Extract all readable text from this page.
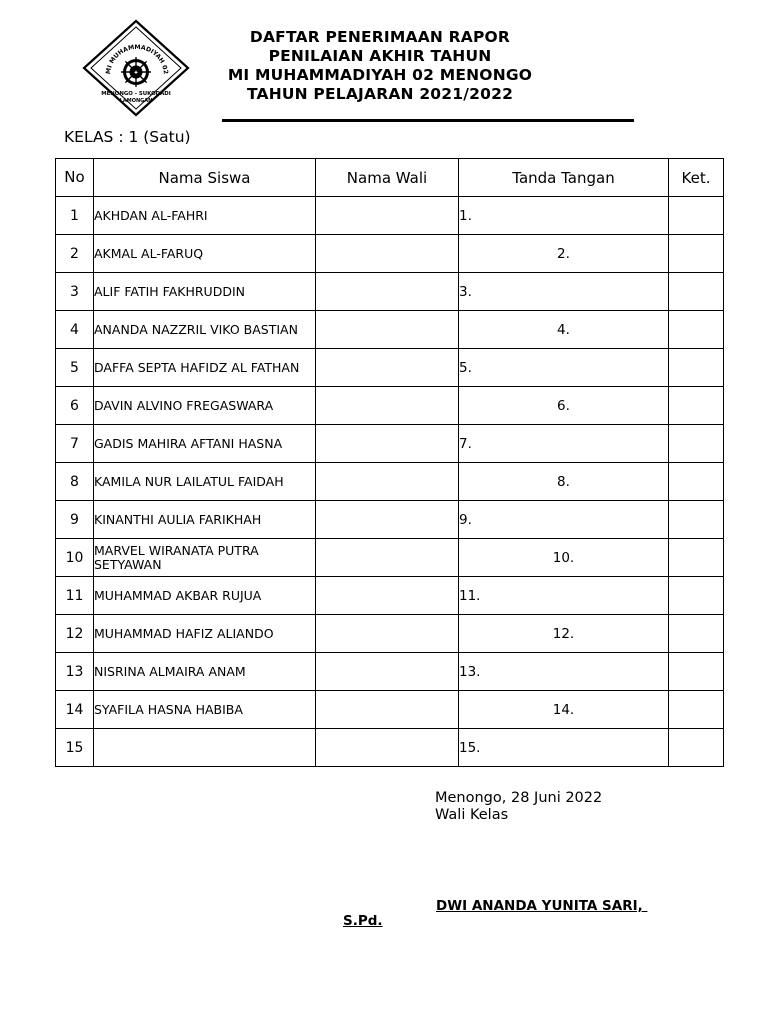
MI MUHAMMADIYAH 02
✦
MENONGO - SUKODADI
LAMONGAN
DAFTAR PENERIMAAN RAPOR
PENILAIAN AKHIR TAHUN
MI MUHAMMADIYAH 02 MENONGO
TAHUN PELAJARAN 2021/2022
KELAS : 1 (Satu)
No	Nama Siswa	Nama Wali	Tanda Tangan	Ket.
1	AKHDAN AL-FAHRI		1.	
2	AKMAL AL-FARUQ		2.	
3	ALIF FATIH FAKHRUDDIN		3.	
4	ANANDA NAZZRIL VIKO BASTIAN		4.	
5	DAFFA SEPTA HAFIDZ AL FATHAN		5.	
6	DAVIN ALVINO FREGASWARA		6.	
7	GADIS MAHIRA AFTANI HASNA		7.	
8	KAMILA NUR LAILATUL FAIDAH		8.	
9	KINANTHI AULIA FARIKHAH		9.	
10	MARVEL WIRANATA PUTRA SETYAWAN		10.	
11	MUHAMMAD AKBAR RUJUA		11.	
12	MUHAMMAD HAFIZ ALIANDO		12.	
13	NISRINA ALMAIRA ANAM		13.	
14	SYAFILA HASNA HABIBA		14.	
15			15.	
Menongo, 28 Juni 2022
Wali Kelas
DWI ANANDA YUNITA SARI,
S.Pd.
